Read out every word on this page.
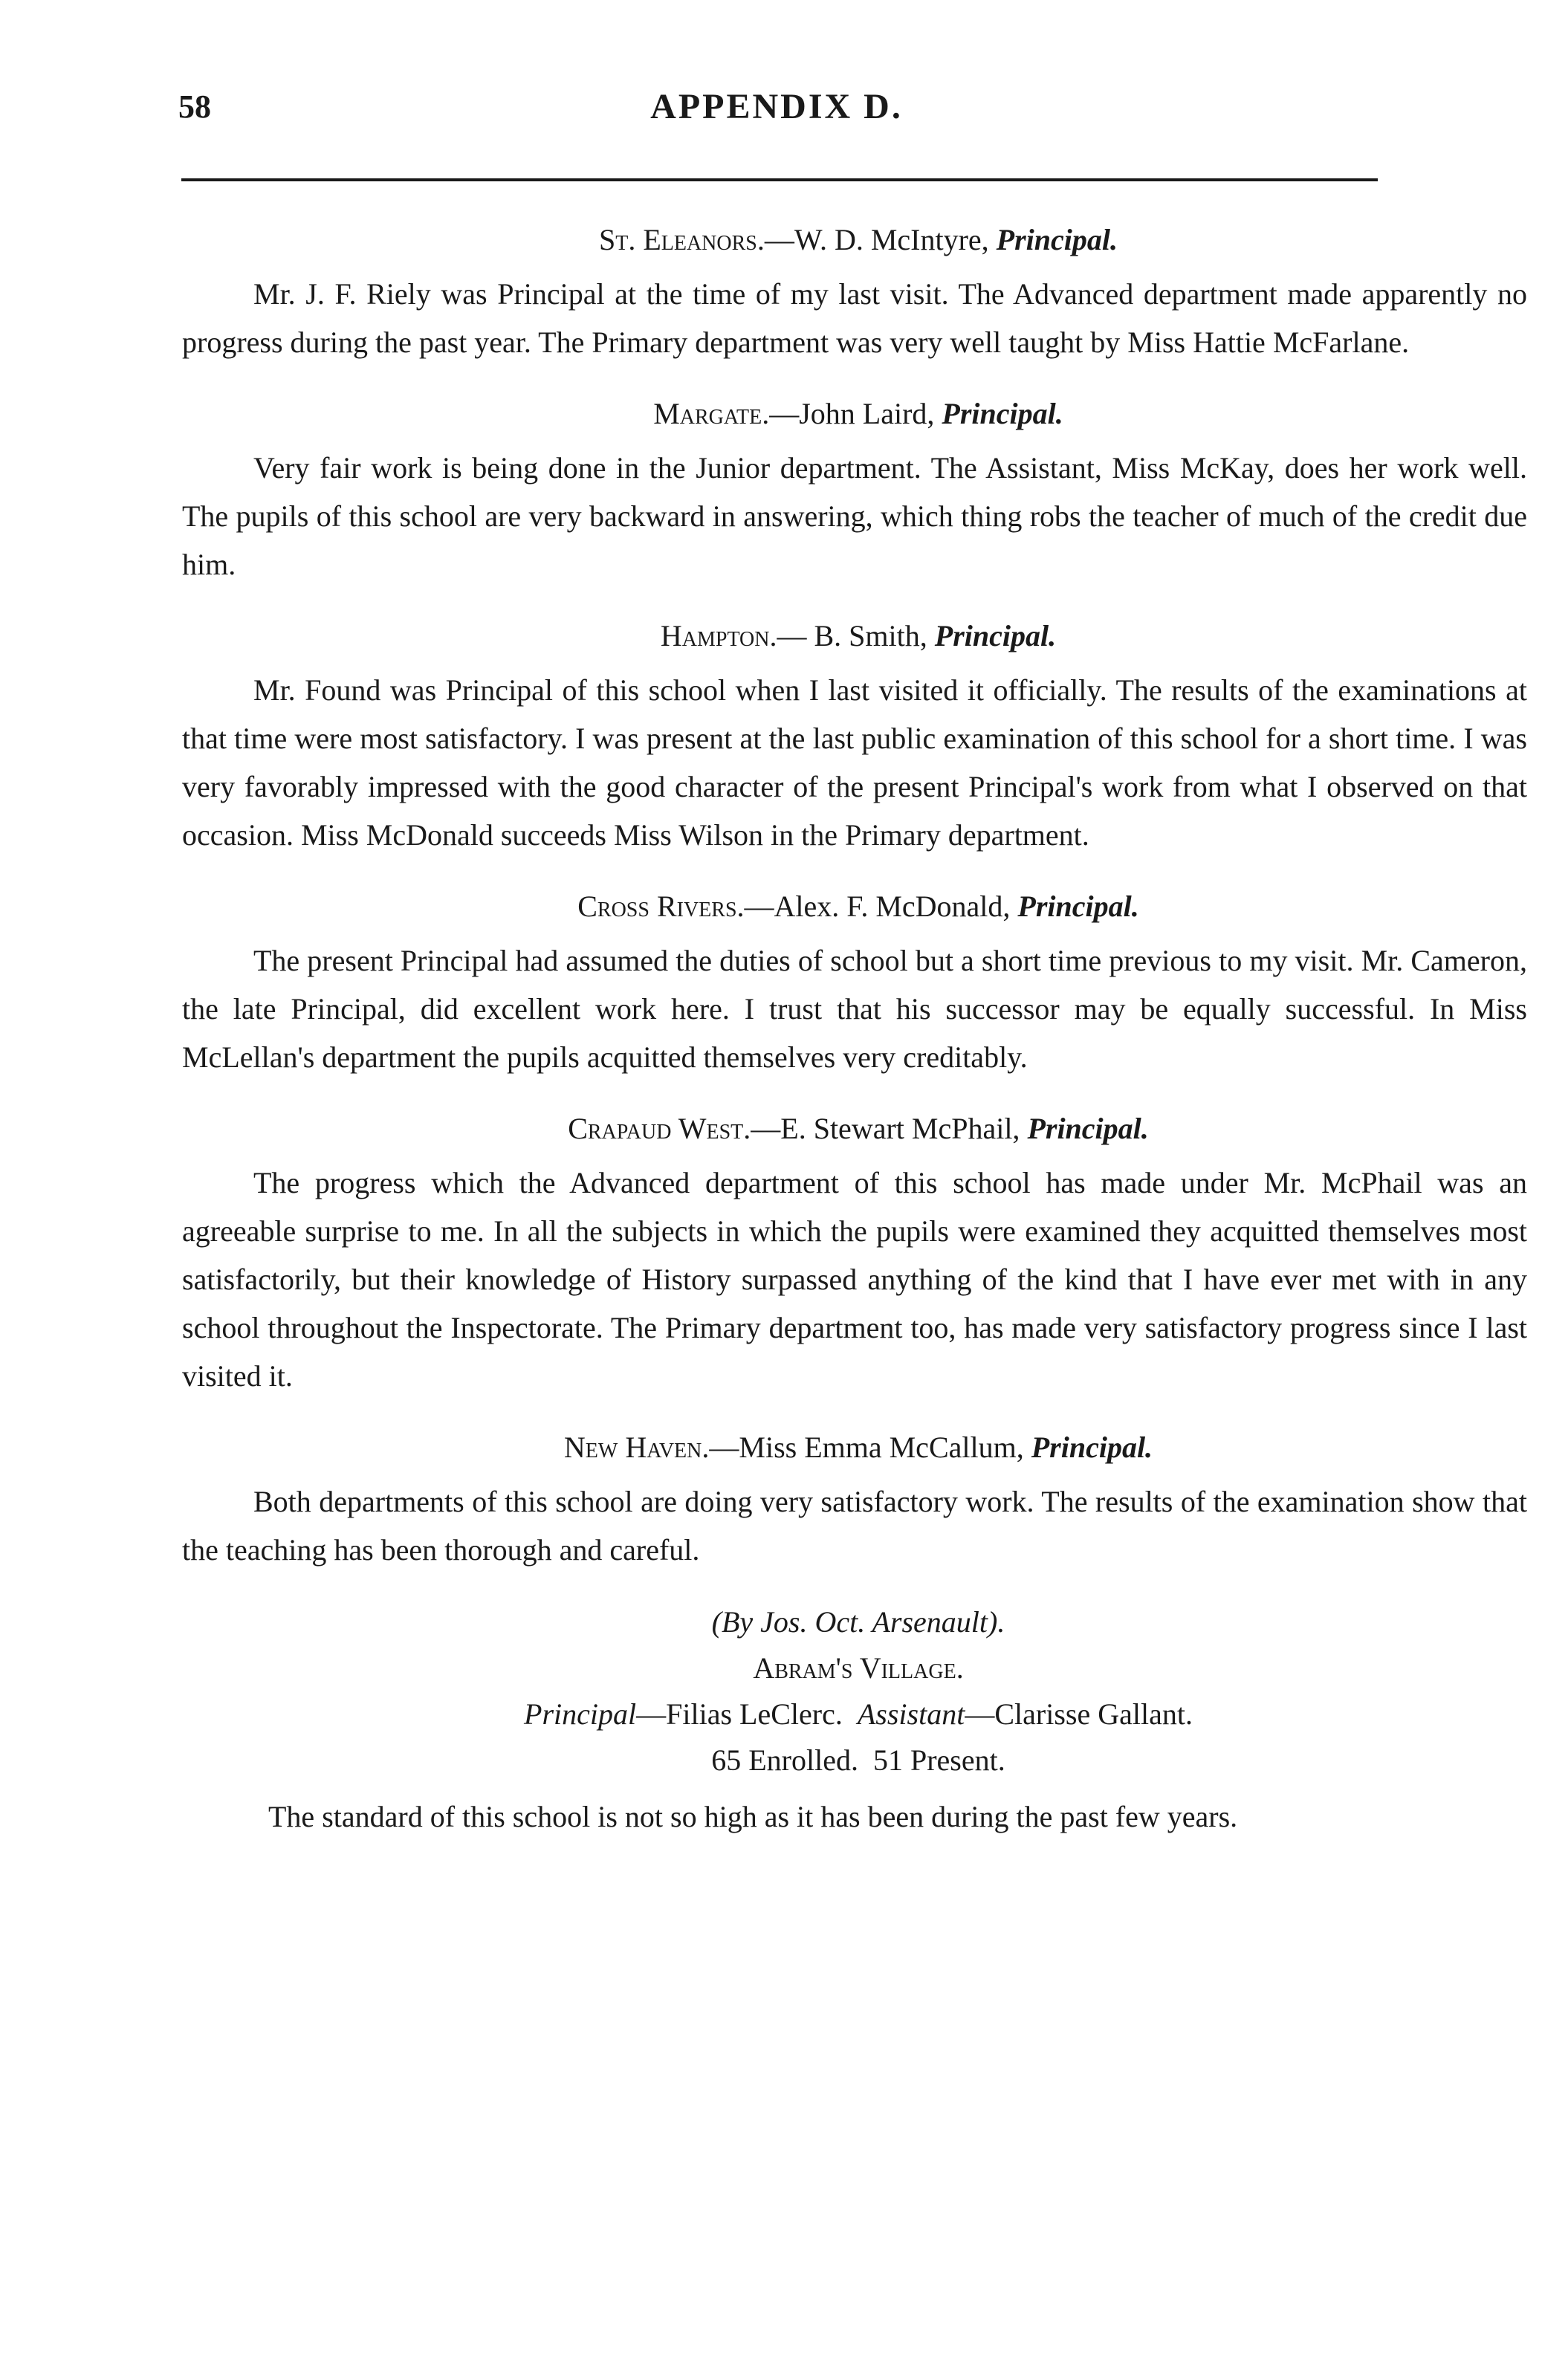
58	APPENDIX D.

St. Eleanors.—W. D. McIntyre, Principal.

Mr. J. F. Riely was Principal at the time of my last visit. The Advanced department made apparently no progress during the past year. The Primary department was very well taught by Miss Hattie McFarlane.

Margate.—John Laird, Principal.

Very fair work is being done in the Junior department. The Assistant, Miss McKay, does her work well. The pupils of this school are very backward in answering, which thing robs the teacher of much of the credit due him.

Hampton.— B. Smith, Principal.

Mr. Found was Principal of this school when I last visited it officially. The results of the examinations at that time were most satisfactory. I was present at the last public examination of this school for a short time. I was very favorably impressed with the good character of the present Principal's work from what I observed on that occasion. Miss McDonald succeeds Miss Wilson in the Primary department.

Cross Rivers.—Alex. F. McDonald, Principal.

The present Principal had assumed the duties of school but a short time previous to my visit. Mr. Cameron, the late Principal, did excellent work here. I trust that his successor may be equally successful. In Miss McLellan's department the pupils acquitted themselves very creditably.

Crapaud West.—E. Stewart McPhail, Principal.

The progress which the Advanced department of this school has made under Mr. McPhail was an agreeable surprise to me. In all the subjects in which the pupils were examined they acquitted themselves most satisfactorily, but their knowledge of History surpassed anything of the kind that I have ever met with in any school throughout the Inspectorate. The Primary department too, has made very satisfactory progress since I last visited it.

New Haven.—Miss Emma McCallum, Principal.

Both departments of this school are doing very satisfactory work. The results of the examination show that the teaching has been thorough and careful.

(By Jos. Oct. Arsenault).

Abram's Village.

Principal—Filias LeClerc. Assistant—Clarisse Gallant.

65 Enrolled.  51 Present.

The standard of this school is not so high as it has been during the past few years.
